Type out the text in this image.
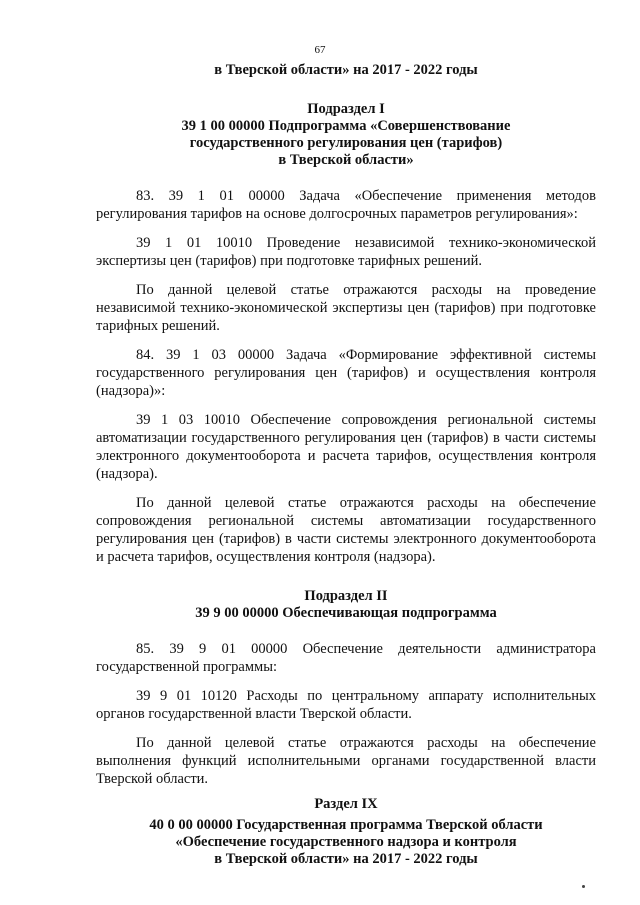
67

в Тверской области» на 2017 - 2022 годы

Подраздел I

39 1 00 00000 Подпрограмма «Совершенствование

государственного регулирования цен (тарифов)

в Тверской области»

83. 39 1 01 00000 Задача «Обеспечение применения методов регулирования тарифов на основе долгосрочных параметров регулирования»:

39 1 01 10010 Проведение независимой технико-экономической экспертизы цен (тарифов) при подготовке тарифных решений.

По данной целевой статье отражаются расходы на проведение независимой технико-экономической экспертизы цен (тарифов) при подготовке тарифных решений.

84. 39 1 03 00000 Задача «Формирование эффективной системы государственного регулирования цен (тарифов) и осуществления контроля (надзора)»:

39 1 03 10010 Обеспечение сопровождения региональной системы автоматизации государственного регулирования цен (тарифов) в части системы электронного документооборота и расчета тарифов, осуществления контроля (надзора).

По данной целевой статье отражаются расходы на обеспечение сопровождения региональной системы автоматизации государственного регулирования цен (тарифов) в части системы электронного документооборота и расчета тарифов, осуществления контроля (надзора).

Подраздел II

39 9 00 00000 Обеспечивающая подпрограмма

85. 39 9 01 00000 Обеспечение деятельности администратора государственной программы:

39 9 01 10120 Расходы по центральному аппарату исполнительных органов государственной власти Тверской области.

По данной целевой статье отражаются расходы на обеспечение выполнения функций исполнительными органами государственной власти Тверской области.

Раздел IX

40 0 00 00000 Государственная программа Тверской области

«Обеспечение государственного надзора и контроля

в Тверской области» на 2017 - 2022 годы
